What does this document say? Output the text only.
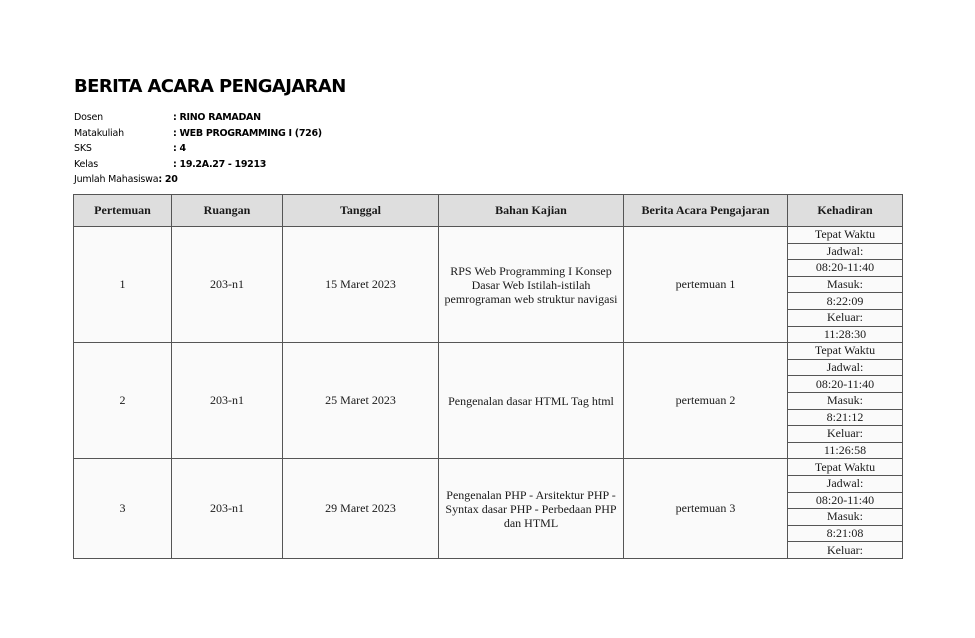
BERITA ACARA PENGAJARAN
Dosen	: RINO RAMADAN
Matakuliah	: WEB PROGRAMMING I (726)
SKS	: 4
Kelas	: 19.2A.27 - 19213
Jumlah Mahasiswa : 20
Pertemuan	Ruangan	Tanggal	Bahan Kajian	Berita Acara Pengajaran	Kehadiran
1	203-n1	15 Maret 2023	RPS Web Programming I Konsep Dasar Web Istilah-istilah pemrograman web struktur navigasi	pertemuan 1	Tepat Waktu
					Jadwal:
					08:20-11:40
					Masuk:
					8:22:09
					Keluar:
					11:28:30
2	203-n1	25 Maret 2023	Pengenalan dasar HTML Tag html	pertemuan 2	Tepat Waktu
					Jadwal:
					08:20-11:40
					Masuk:
					8:21:12
					Keluar:
					11:26:58
3	203-n1	29 Maret 2023	Pengenalan PHP - Arsitektur PHP - Syntax dasar PHP - Perbedaan PHP dan HTML	pertemuan 3	Tepat Waktu
					Jadwal:
					08:20-11:40
					Masuk:
					8:21:08
					Keluar:
